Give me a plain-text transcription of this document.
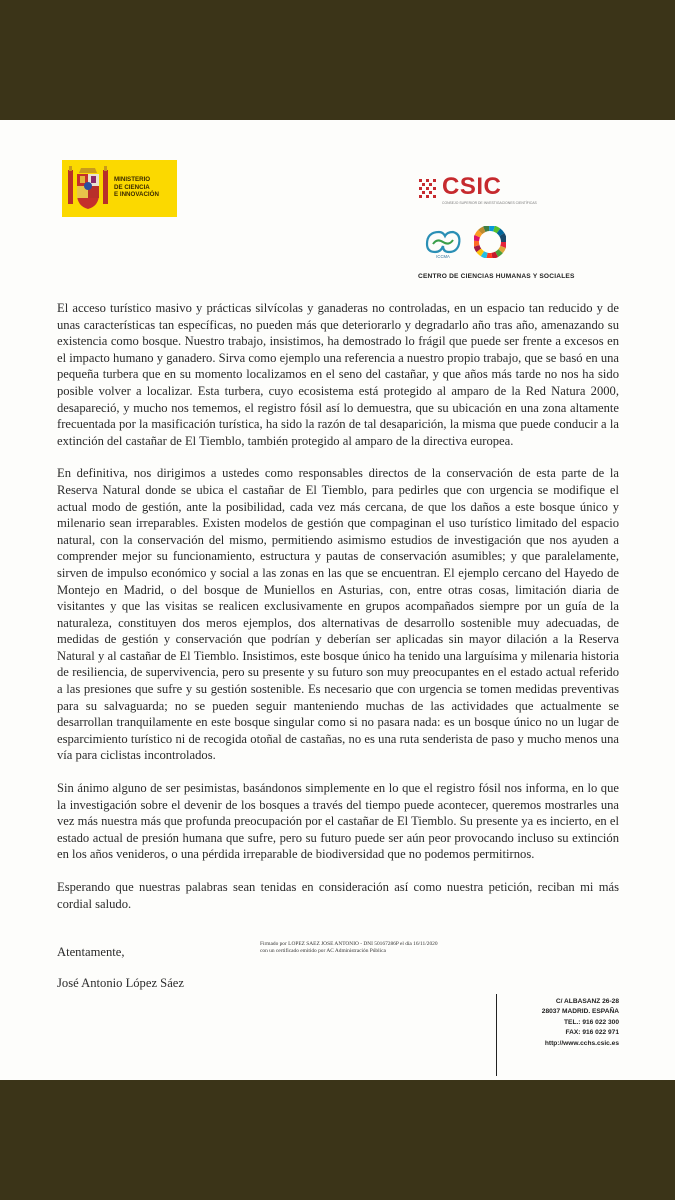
MINISTERIO
DE CIENCIA
E INNOVACIÓN	CSIC
CONSEJO SUPERIOR DE INVESTIGACIONES CIENTÍFICAS
ICCMA
CENTRO DE CIENCIAS HUMANAS Y SOCIALES

El acceso turístico masivo y prácticas silvícolas y ganaderas no controladas, en un espacio tan reducido y de unas características tan específicas, no pueden más que deteriorarlo y degradarlo año tras año, amenazando su existencia como bosque. Nuestro trabajo, insistimos, ha demostrado lo frágil que puede ser frente a excesos en el impacto humano y ganadero. Sirva como ejemplo una referencia a nuestro propio trabajo, que se basó en una pequeña turbera que en su momento localizamos en el seno del castañar, y que años más tarde no nos ha sido posible volver a localizar. Esta turbera, cuyo ecosistema está protegido al amparo de la Red Natura 2000, desapareció, y mucho nos tememos, el registro fósil así lo demuestra, que su ubicación en una zona altamente frecuentada por la masificación turística, ha sido la razón de tal desaparición, la misma que puede conducir a la extinción del castañar de El Tiemblo, también protegido al amparo de la directiva europea.

En definitiva, nos dirigimos a ustedes como responsables directos de la conservación de esta parte de la Reserva Natural donde se ubica el castañar de El Tiemblo, para pedirles que con urgencia se modifique el actual modo de gestión, ante la posibilidad, cada vez más cercana, de que los daños a este bosque único y milenario sean irreparables. Existen modelos de gestión que compaginan el uso turístico limitado del espacio natural, con la conservación del mismo, permitiendo asimismo estudios de investigación que nos ayuden a comprender mejor su funcionamiento, estructura y pautas de conservación asumibles; y que paralelamente, sirven de impulso económico y social a las zonas en las que se encuentran. El ejemplo cercano del Hayedo de Montejo en Madrid, o del bosque de Muniellos en Asturias, con, entre otras cosas, limitación diaria de visitantes y que las visitas se realicen exclusivamente en grupos acompañados siempre por un guía de la naturaleza, constituyen dos meros ejemplos, dos alternativas de desarrollo sostenible muy adecuadas, de medidas de gestión y conservación que podrían y deberían ser aplicadas sin mayor dilación a la Reserva Natural y al castañar de El Tiemblo. Insistimos, este bosque único ha tenido una larguísima y milenaria historia de resiliencia, de supervivencia, pero su presente y su futuro son muy preocupantes en el estado actual referido a las presiones que sufre y su gestión sostenible. Es necesario que con urgencia se tomen medidas preventivas para su salvaguarda; no se pueden seguir manteniendo muchas de las actividades que actualmente se desarrollan tranquilamente en este bosque singular como si no pasara nada: es un bosque único no un lugar de esparcimiento turístico ni de recogida otoñal de castañas, no es una ruta senderista de paso y mucho menos una vía para ciclistas incontrolados.

Sin ánimo alguno de ser pesimistas, basándonos simplemente en lo que el registro fósil nos informa, en lo que la investigación sobre el devenir de los bosques a través del tiempo puede acontecer, queremos mostrarles una vez más nuestra más que profunda preocupación por el castañar de El Tiemblo. Su presente ya es incierto, en el estado actual de presión humana que sufre, pero su futuro puede ser aún peor provocando incluso su extinción en los años venideros, o una pérdida irreparable de biodiversidad que no podemos permitirnos.

Esperando que nuestras palabras sean tenidas en consideración así como nuestra petición, reciban mi más cordial saludo.

Atentamente,
Firmado por LOPEZ SAEZ JOSE ANTONIO - DNI 50167286P el día 16/11/2020
con un certificado emitido por AC Administración Pública
José Antonio López Sáez
C/ ALBASANZ 26-28
28037 MADRID. ESPAÑA
TEL.: 916 022 300
FAX: 916 022 971
http://www.cchs.csic.es
